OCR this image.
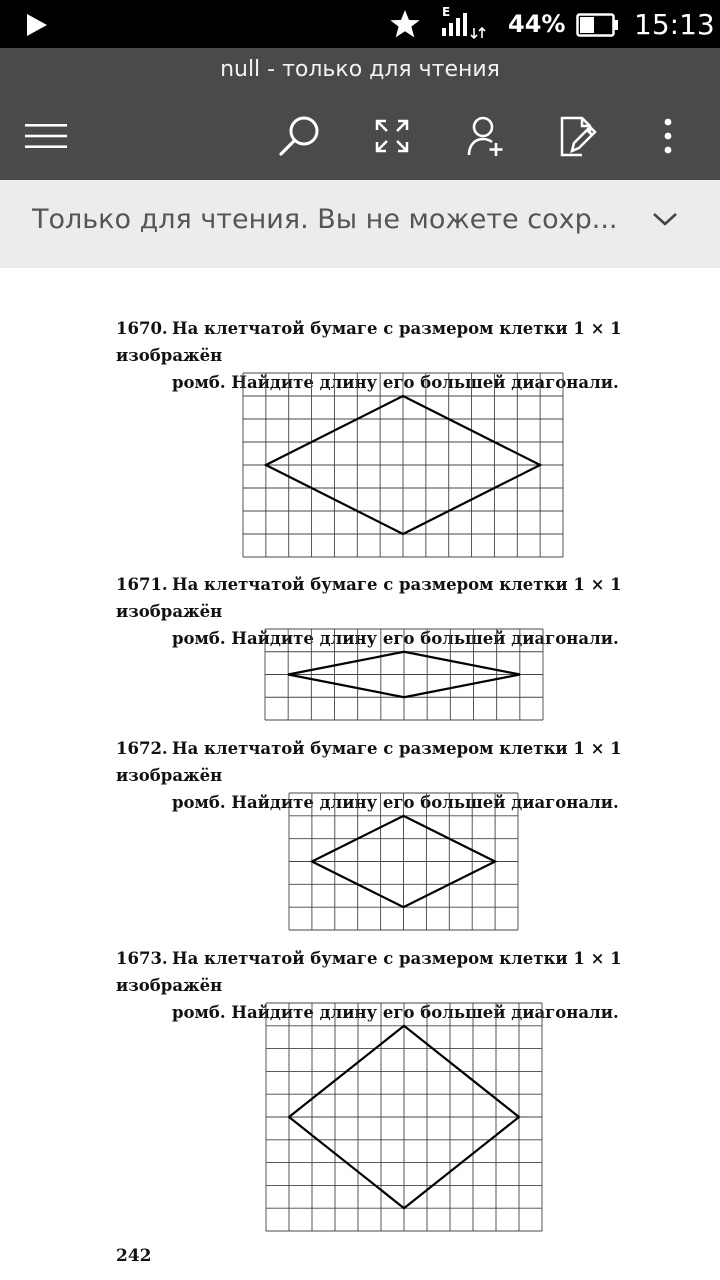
E 44% 15:13
null - только для чтения
Только для чтения. Вы не можете сохр...
1670. На клетчатой бумаге с размером клетки 1 × 1 изображён
ромб. Найдите длину его большей диагонали.
1671. На клетчатой бумаге с размером клетки 1 × 1 изображён
ромб. Найдите длину его большей диагонали.
1672. На клетчатой бумаге с размером клетки 1 × 1 изображён
ромб. Найдите длину его большей диагонали.
1673. На клетчатой бумаге с размером клетки 1 × 1 изображён
ромб. Найдите длину его большей диагонали.
242
